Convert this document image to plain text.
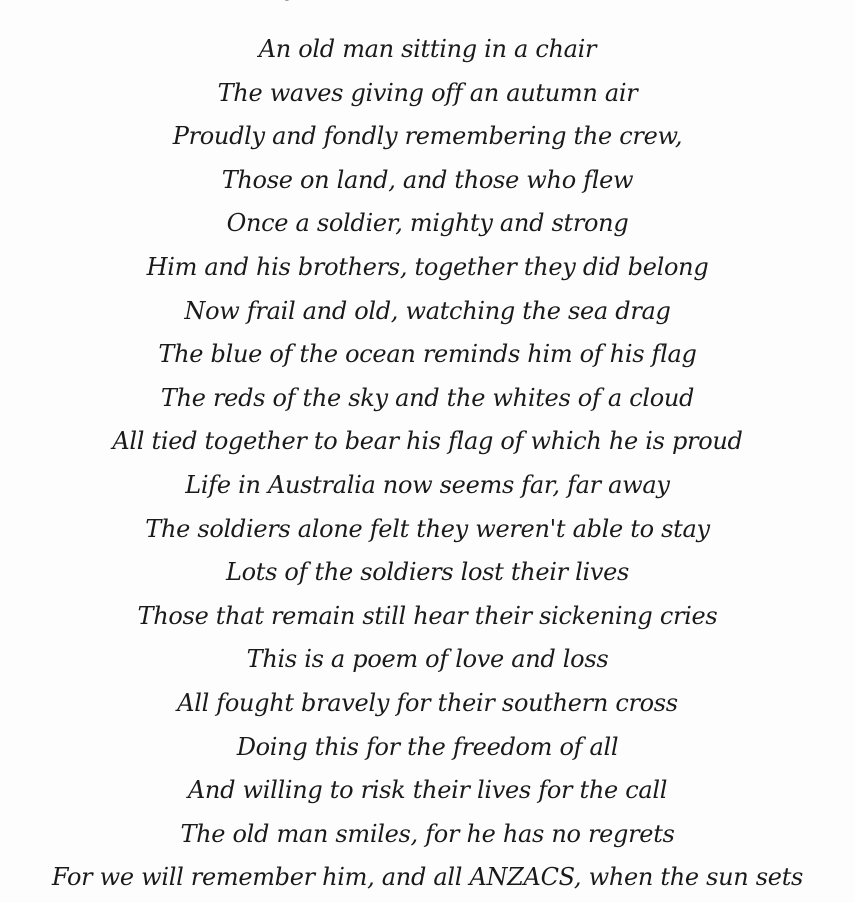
An old man sitting in a chair
The waves giving off an autumn air
Proudly and fondly remembering the crew,
Those on land, and those who flew
Once a soldier, mighty and strong
Him and his brothers, together they did belong
Now frail and old, watching the sea drag
The blue of the ocean reminds him of his flag
The reds of the sky and the whites of a cloud
All tied together to bear his flag of which he is proud
Life in Australia now seems far, far away
The soldiers alone felt they weren't able to stay
Lots of the soldiers lost their lives
Those that remain still hear their sickening cries
This is a poem of love and loss
All fought bravely for their southern cross
Doing this for the freedom of all
And willing to risk their lives for the call
The old man smiles, for he has no regrets
For we will remember him, and all ANZACS, when the sun sets
